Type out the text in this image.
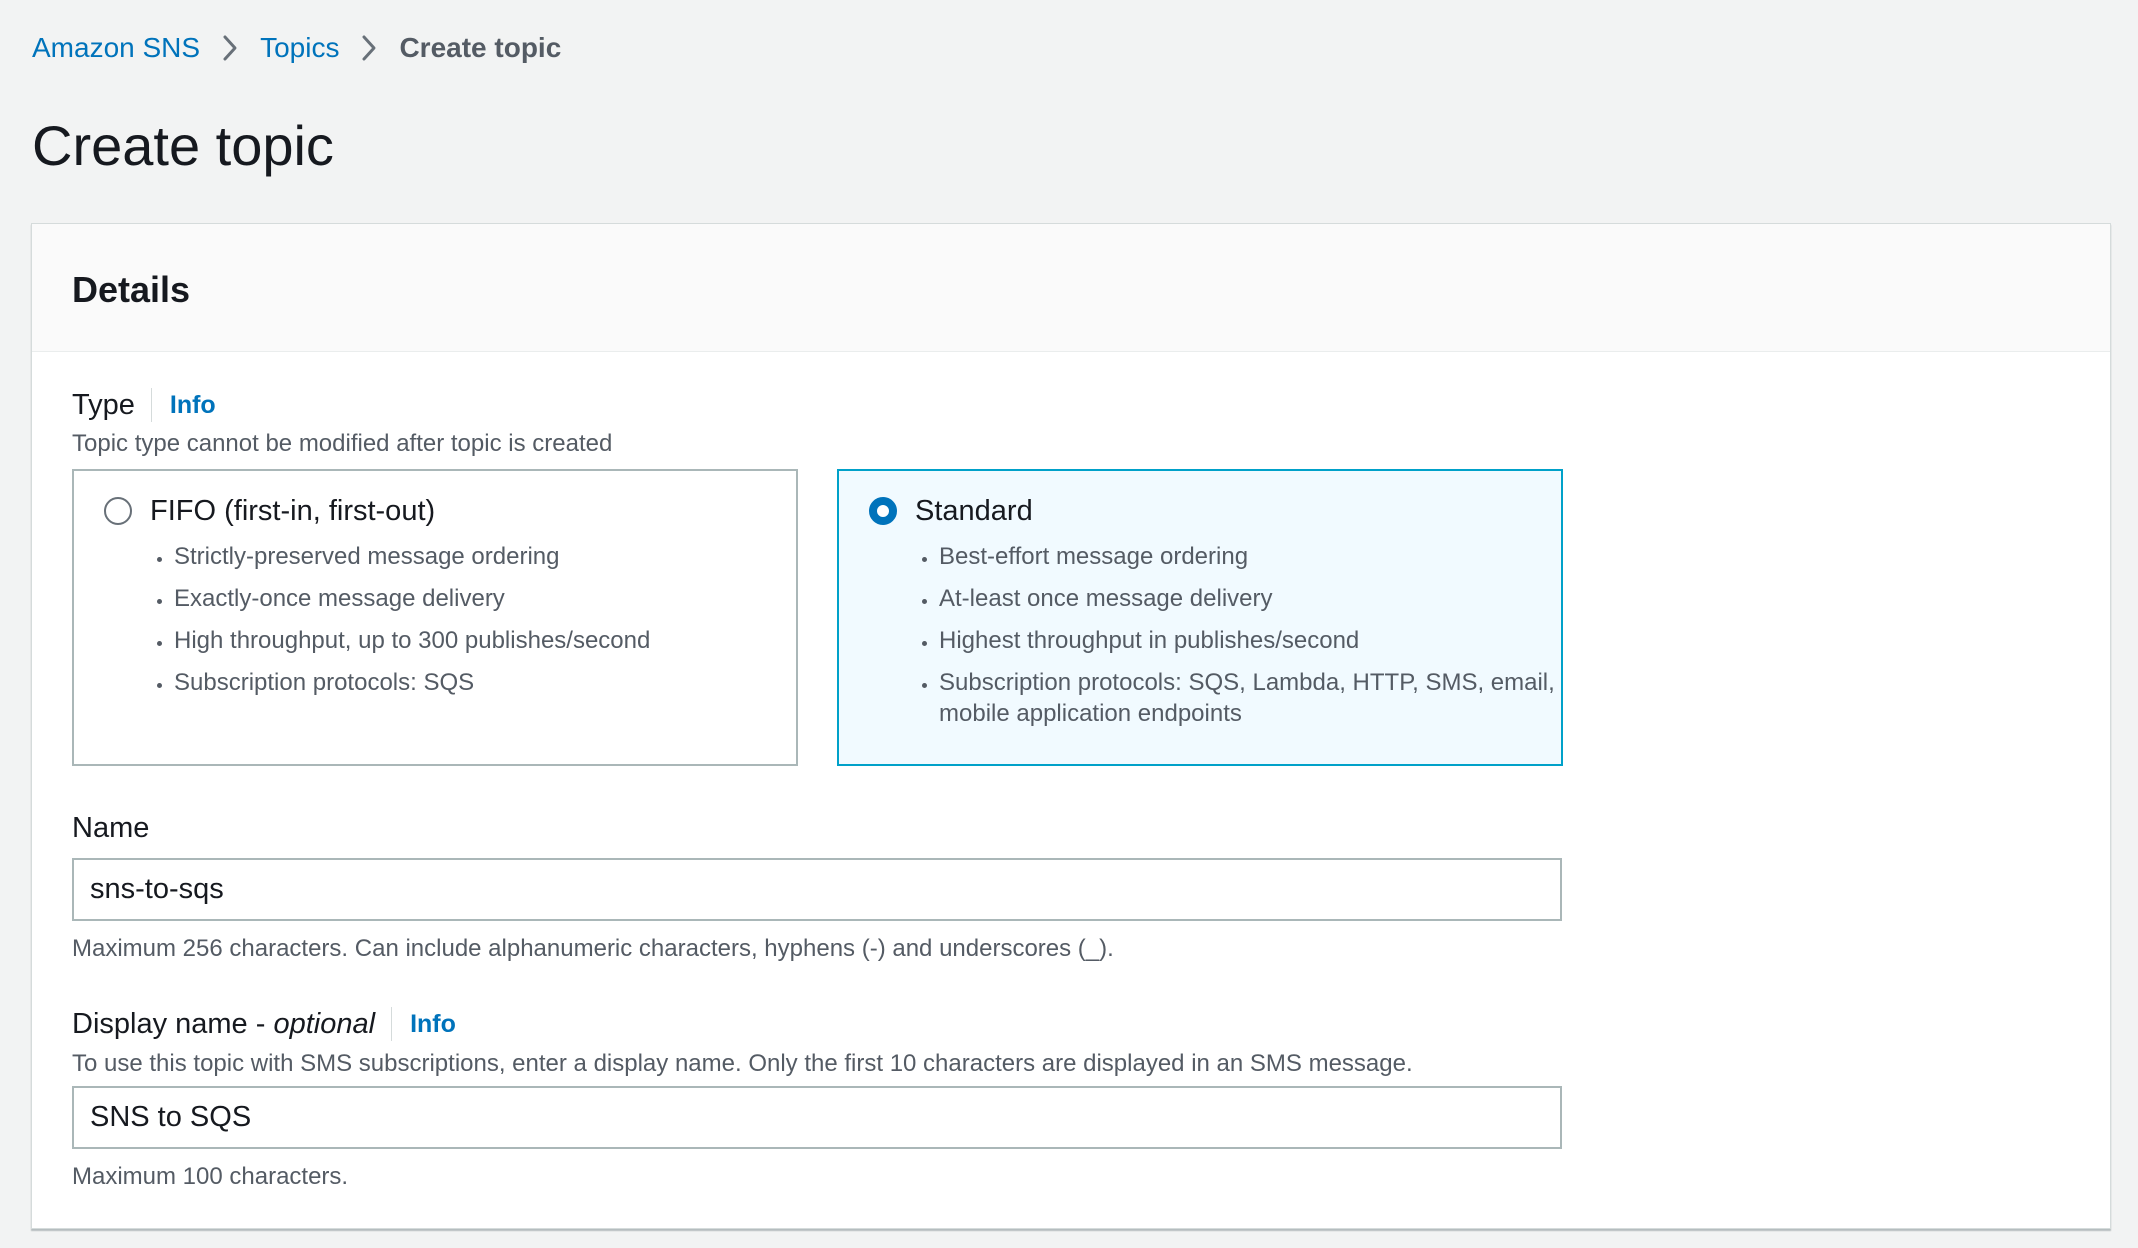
Amazon SNS Topics Create topic
Create topic
Details
Type Info
Topic type cannot be modified after topic is created
FIFO (first-in, first-out)
• Strictly-preserved message ordering
• Exactly-once message delivery
• High throughput, up to 300 publishes/second
• Subscription protocols: SQS
Standard
• Best-effort message ordering
• At-least once message delivery
• Highest throughput in publishes/second
• Subscription protocols: SQS, Lambda, HTTP, SMS, email, mobile application endpoints
Name
sns-to-sqs
Maximum 256 characters. Can include alphanumeric characters, hyphens (-) and underscores (_).
Display name - optional Info
To use this topic with SMS subscriptions, enter a display name. Only the first 10 characters are displayed in an SMS message.
SNS to SQS
Maximum 100 characters.
